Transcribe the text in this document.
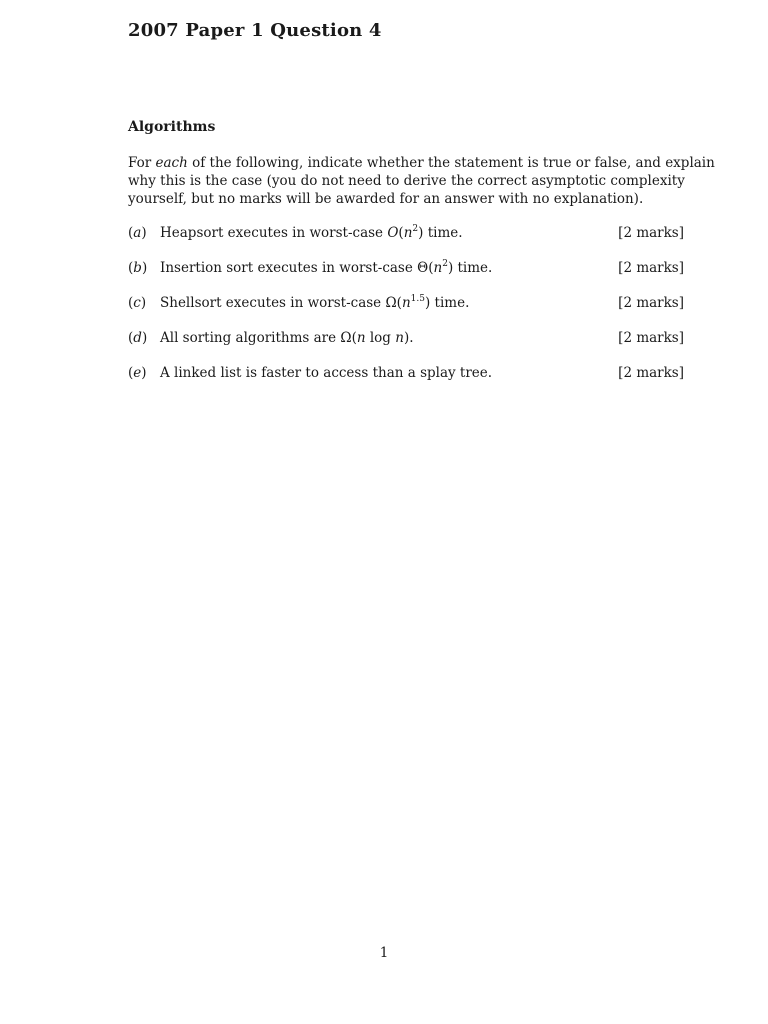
2007 Paper 1 Question 4
Algorithms
For each of the following, indicate whether the statement is true or false, and explain
why this is the case (you do not need to derive the correct asymptotic complexity
yourself, but no marks will be awarded for an answer with no explanation).
(a) Heapsort executes in worst-case $O(n^2)$ time.	[2 marks]
(b) Insertion sort executes in worst-case $\Theta(n^2)$ time.	[2 marks]
(c) Shellsort executes in worst-case $\Omega(n^{1.5})$ time.	[2 marks]
(d) All sorting algorithms are Ω(n log n).	[2 marks]
(e) A linked list is faster to access than a splay tree.	[2 marks]
1
